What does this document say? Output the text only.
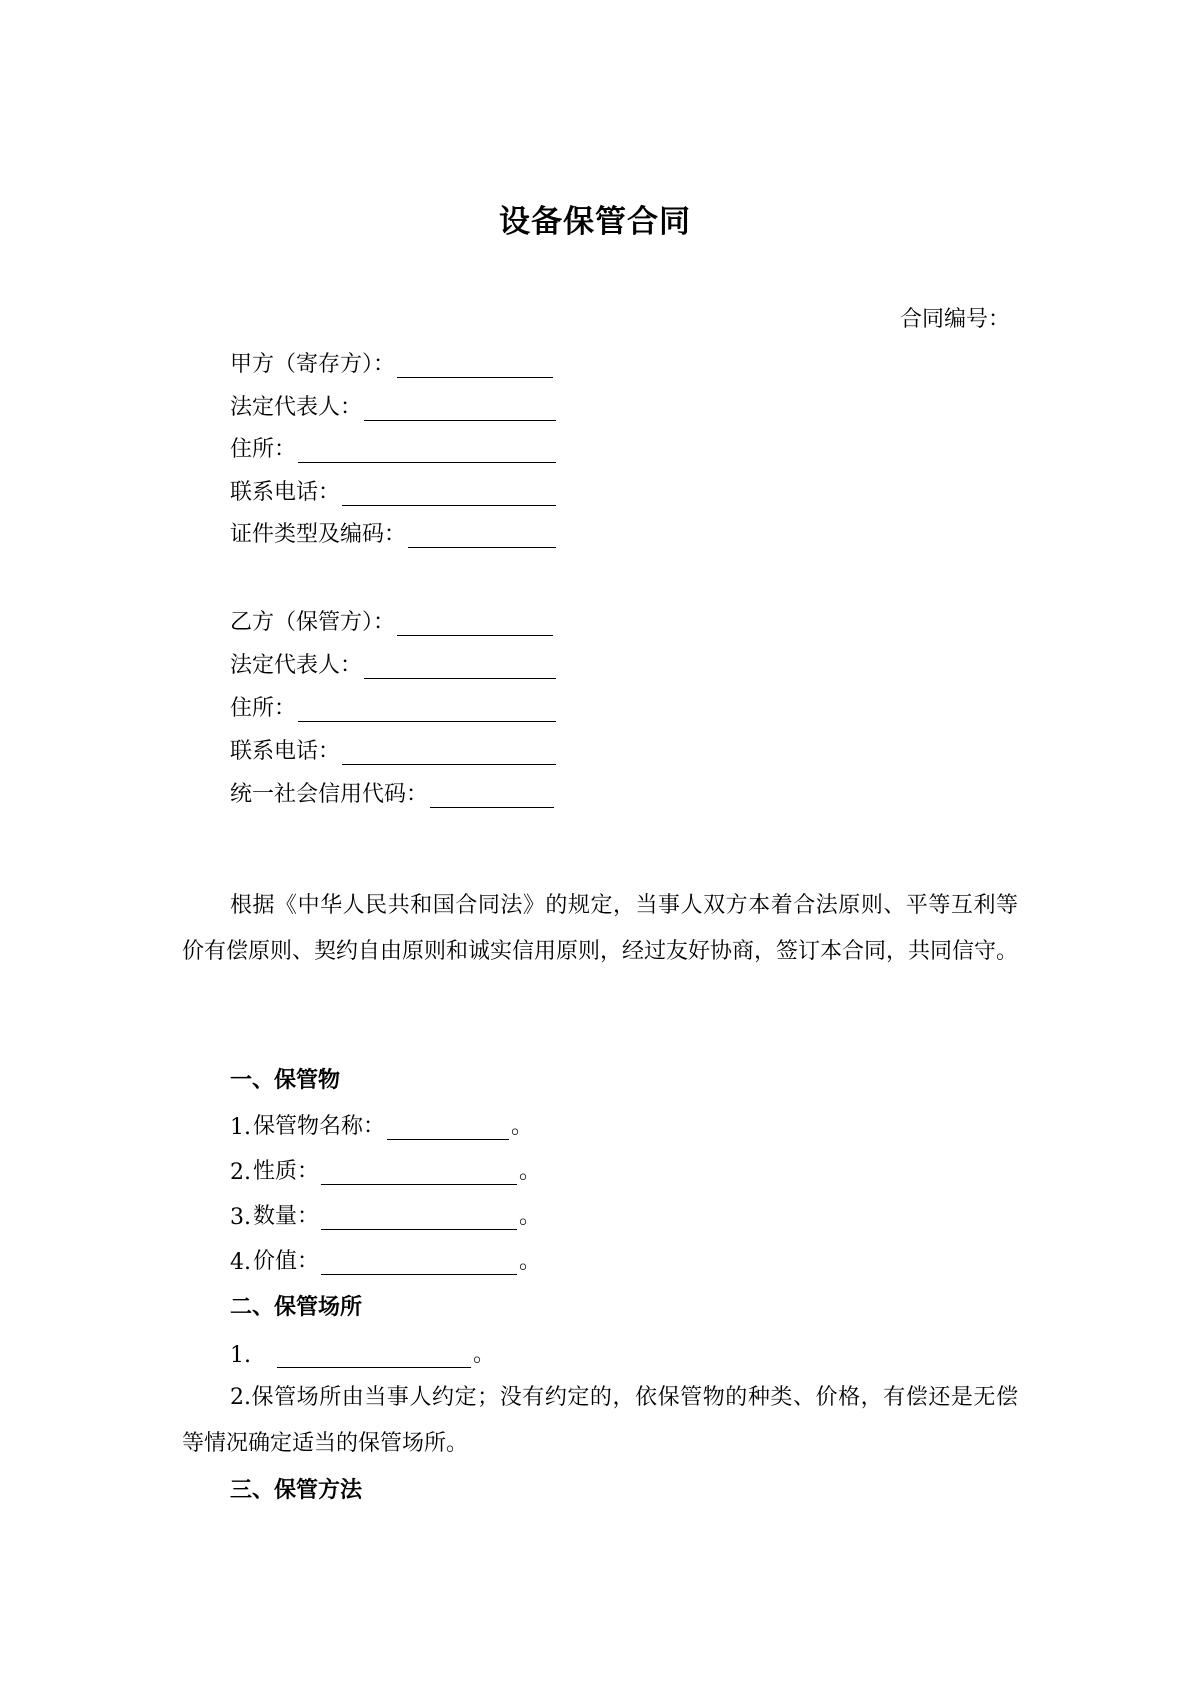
设备保管合同
合同编号：
甲方（寄存方）：
法定代表人：
住所：
联系电话：
证件类型及编码：
乙方（保管方）：
法定代表人：
住所：
联系电话：
统一社会信用代码：
根据《中华人民共和国合同法》的规定，当事人双方本着合法原则、平等互利等价有偿原则、契约自由原则和诚实信用原则，经过友好协商，签订本合同，共同信守。
一、保管物
1. 保管物名称：	。
2. 性质：	。
3. 数量：	。
4. 价值：	。
二、保管场所
1.	。
2.保管场所由当事人约定；没有约定的，依保管物的种类、价格，有偿还是无偿等情况确定适当的保管场所。
三、保管方法
